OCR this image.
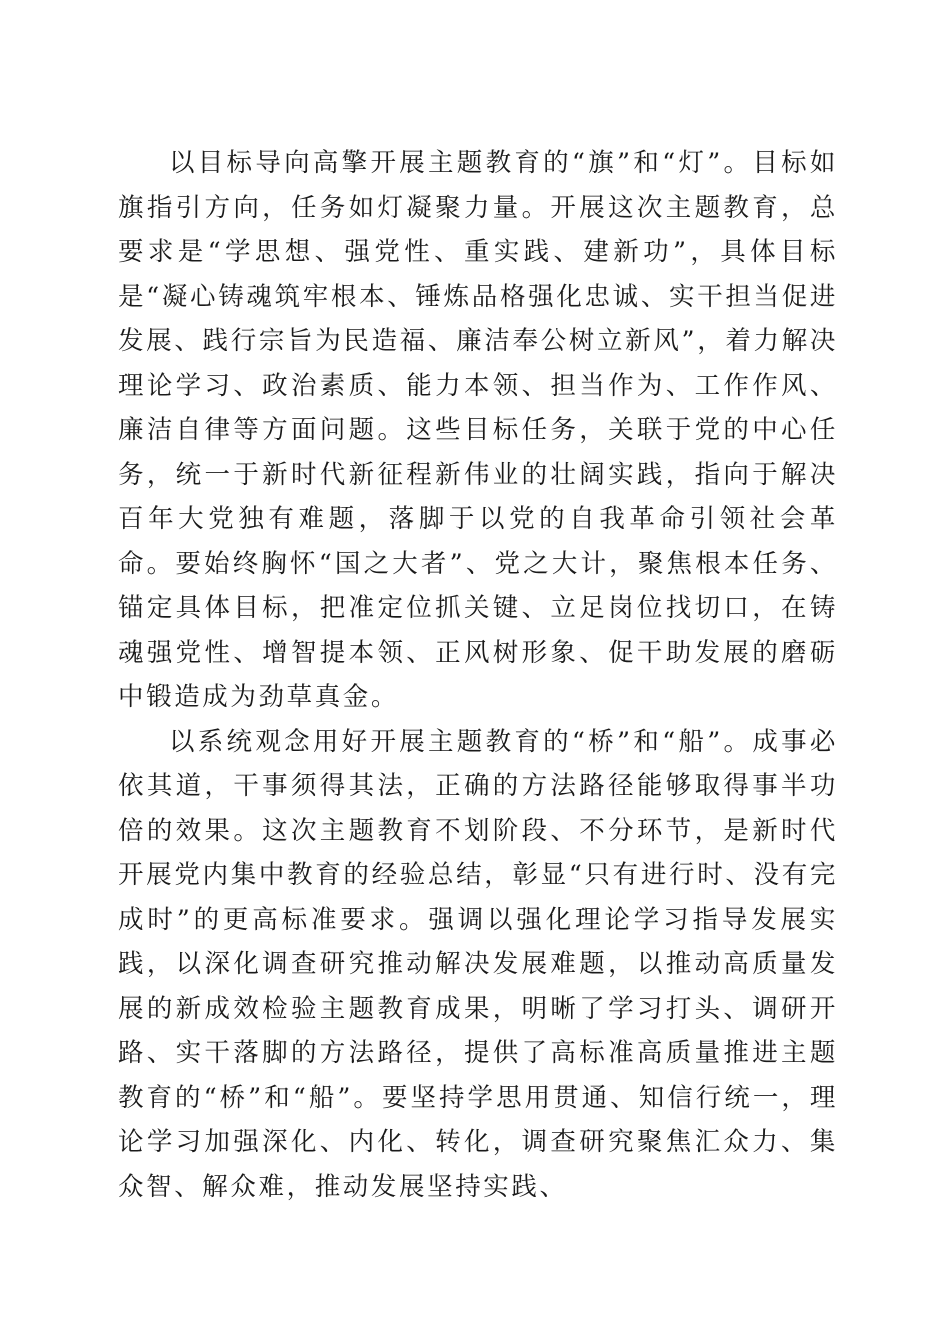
以目标导向高擎开展主题教育的“旗”和“灯”。目标如旗指引方向，任务如灯凝聚力量。开展这次主题教育，总要求是“学思想、强党性、重实践、建新功”，具体目标是“凝心铸魂筑牢根本、锤炼品格强化忠诚、实干担当促进发展、践行宗旨为民造福、廉洁奉公树立新风”，着力解决理论学习、政治素质、能力本领、担当作为、工作作风、廉洁自律等方面问题。这些目标任务，关联于党的中心任务，统一于新时代新征程新伟业的壮阔实践，指向于解决百年大党独有难题，落脚于以党的自我革命引领社会革命。要始终胸怀“国之大者”、党之大计，聚焦根本任务、锚定具体目标，把准定位抓关键、立足岗位找切口，在铸魂强党性、增智提本领、正风树形象、促干助发展的磨砺中锻造成为劲草真金。

以系统观念用好开展主题教育的“桥”和“船”。成事必依其道，干事须得其法，正确的方法路径能够取得事半功倍的效果。这次主题教育不划阶段、不分环节，是新时代开展党内集中教育的经验总结，彰显“只有进行时、没有完成时”的更高标准要求。强调以强化理论学习指导发展实践，以深化调查研究推动解决发展难题，以推动高质量发展的新成效检验主题教育成果，明晰了学习打头、调研开路、实干落脚的方法路径，提供了高标准高质量推进主题教育的“桥”和“船”。要坚持学思用贯通、知信行统一，理论学习加强深化、内化、转化，调查研究聚焦汇众力、集众智、解众难，推动发展坚持实践、
